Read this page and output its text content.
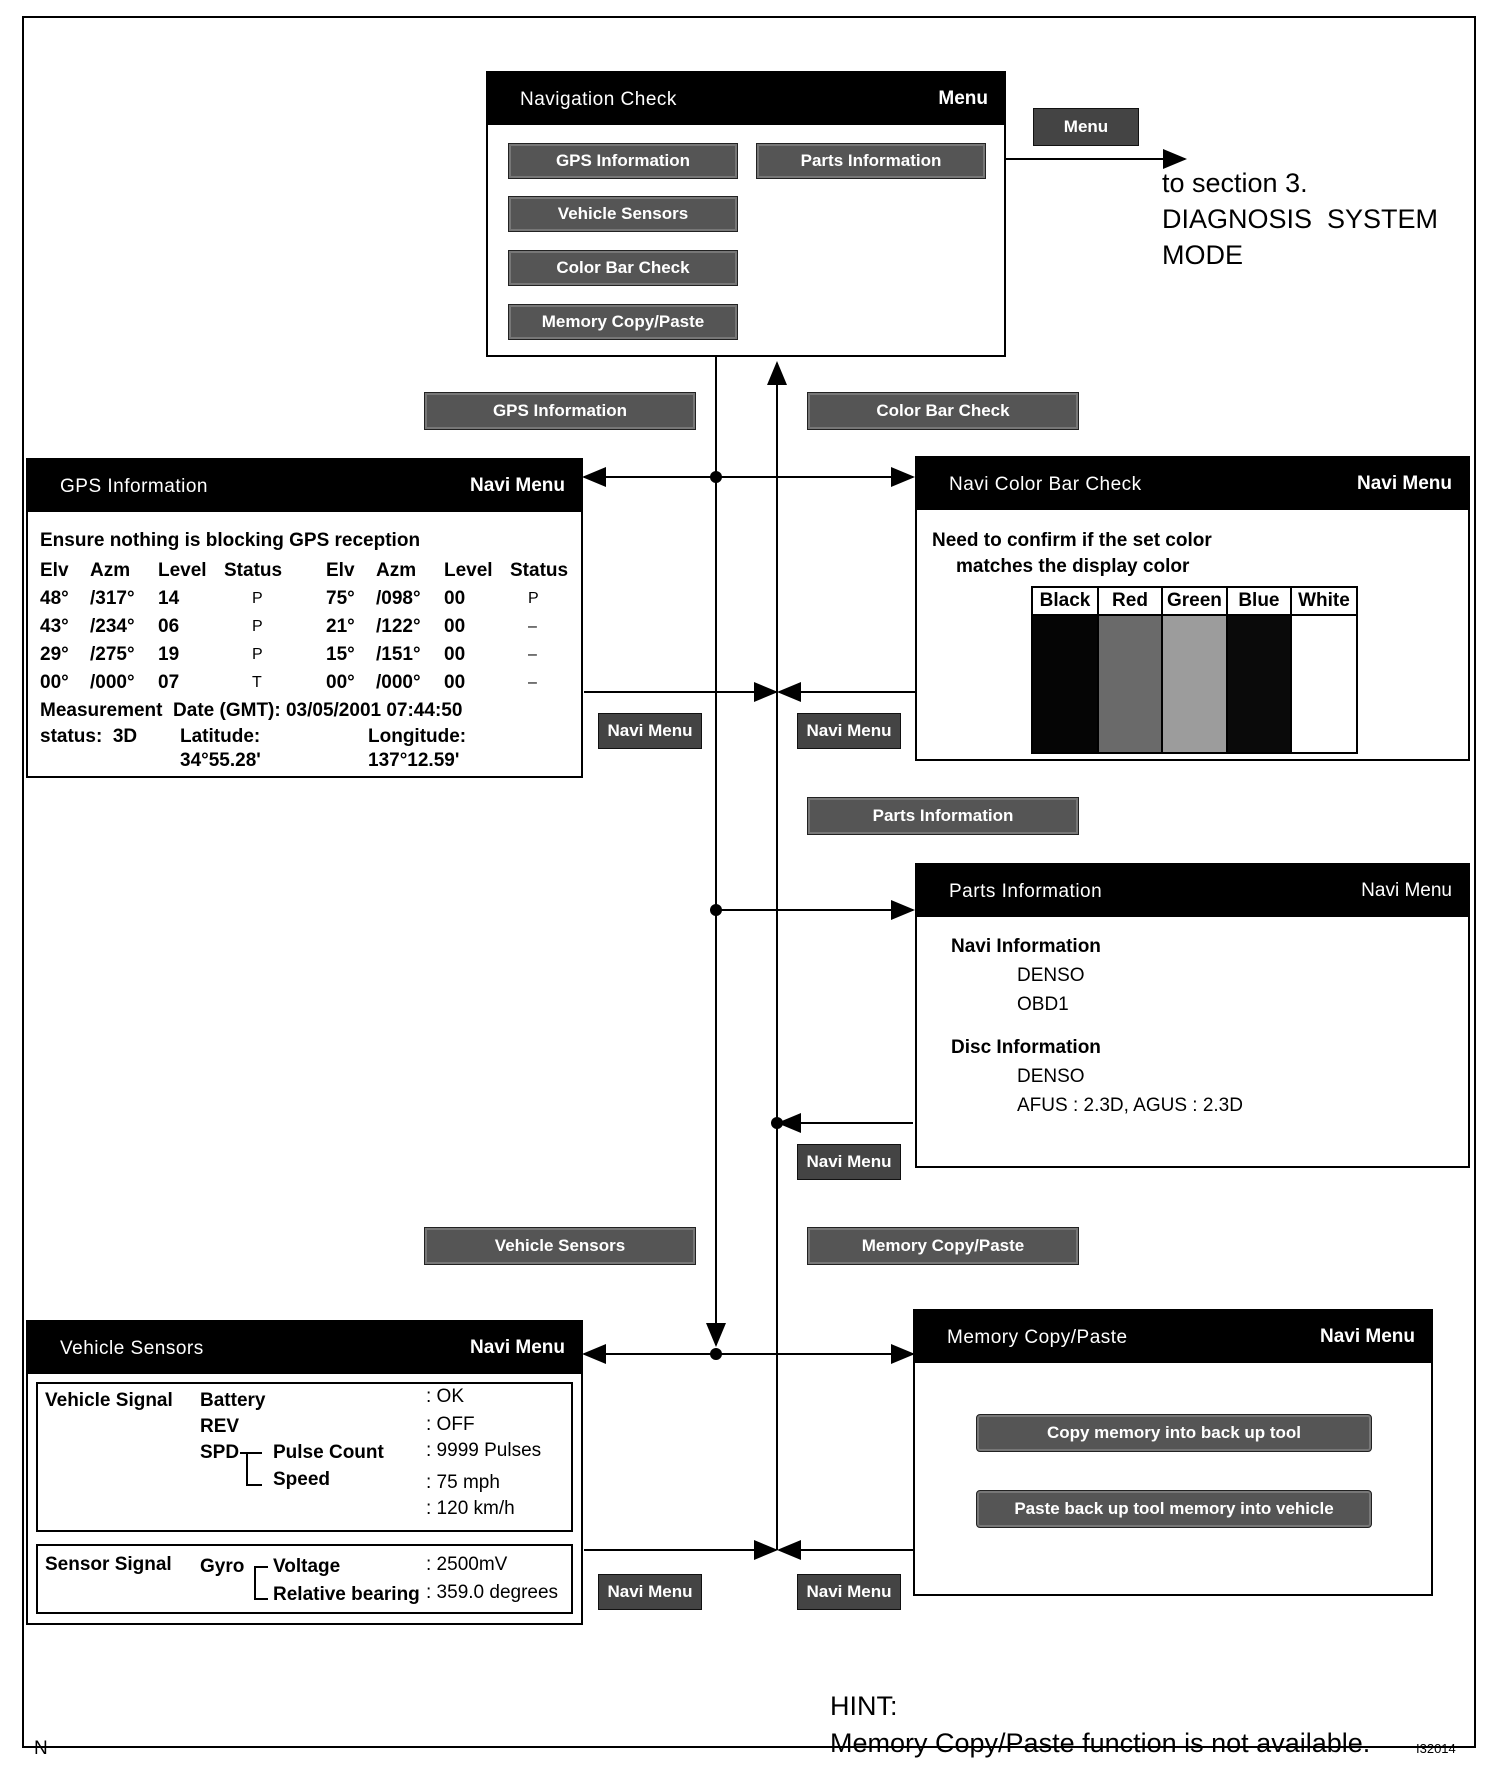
Navigation Check	Menu
GPS Information
Vehicle Sensors
Color Bar Check
Memory Copy/Paste
Parts Information
Menu
to section 3.
DIAGNOSIS  SYSTEM
MODE
GPS Information	Color Bar Check
Parts Information
Vehicle Sensors	Memory Copy/Paste
Navi Menu	Navi Menu
Navi Menu
Navi Menu	Navi Menu
GPS Information	Navi Menu
Ensure nothing is blocking GPS reception
Elv	Azm	Level	Status	Elv	Azm	Level	Status
48°	/317°	14	P	75°	/098°	00	P
43°	/234°	06	P	21°	/122°	00	–
29°	/275°	19	P	15°	/151°	00	–
00°	/000°	07	T	00°	/000°	00	–
Measurement  Date (GMT): 03/05/2001 07:44:50
status:  3D Latitude:
34°55.28'
Longitude:
137°12.59'
Navi Color Bar Check	Navi Menu
Need to confirm if the set color
matches the display color
Black	Red	Green	Blue	White

Parts Information	Navi Menu
Navi Information
DENSO
OBD1
Disc Information
DENSO
AFUS : 2.3D, AGUS : 2.3D
Vehicle Sensors	Navi Menu
Vehicle Signal Battery	: OK
REV	: OFF
SPD Pulse Count : 9999 Pulses
Speed	: 75 mph
: 120 km/h
Sensor Signal Gyro Voltage	: 2500mV
Relative bearing : 359.0 degrees
Memory Copy/Paste	Navi Menu
Copy memory into back up tool
Paste back up tool memory into vehicle
HINT:
Memory Copy/Paste function is not available.
N	I32014
